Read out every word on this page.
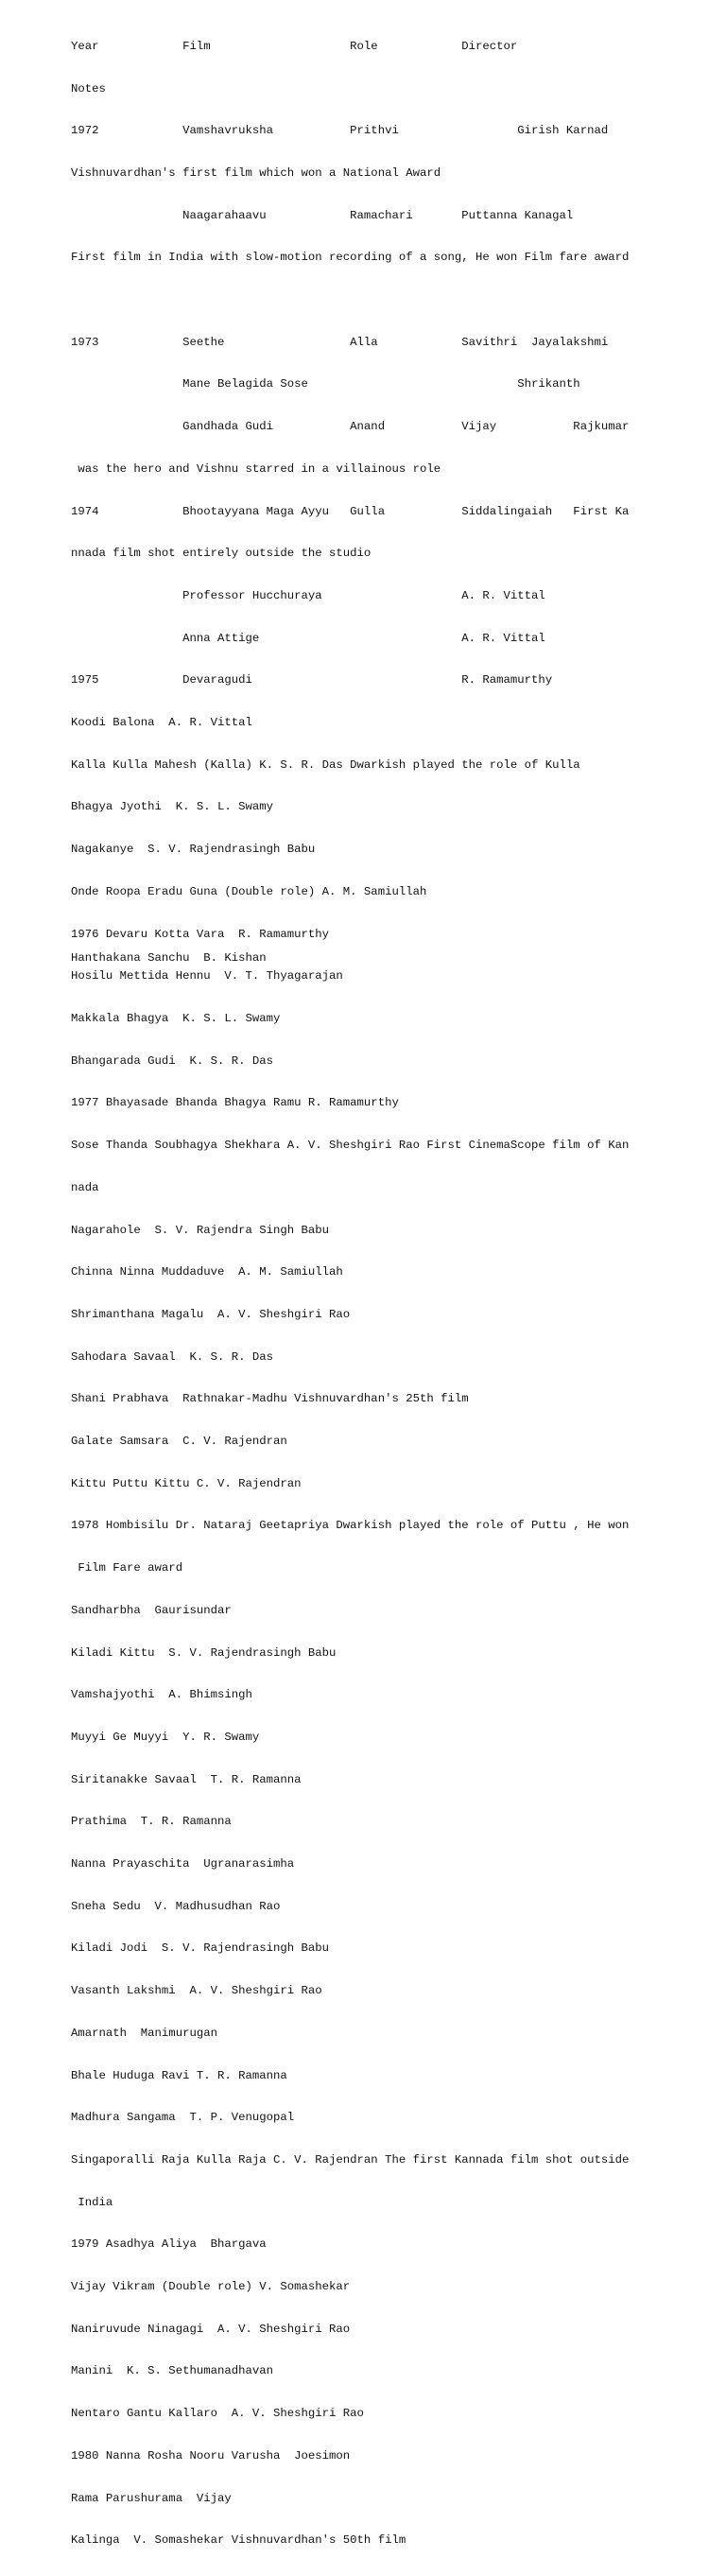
Year            Film                    Role            Director

Notes

1972            Vamshavruksha           Prithvi                 Girish Karnad

Vishnuvardhan's first film which won a National Award

Naagarahaavu            Ramachari       Puttanna Kanagal

First film in India with slow-motion recording of a song, He won Film fare award

1973            Seethe                  Alla            Savithri  Jayalakshmi

Mane Belagida Sose                              Shrikanth

Gandhada Gudi           Anand           Vijay           Rajkumar

was the hero and Vishnu starred in a villainous role

1974            Bhootayyana Maga Ayyu   Gulla           Siddalingaiah   First Ka

nnada film shot entirely outside the studio

Professor Hucchuraya                    A. R. Vittal

Anna Attige                             A. R. Vittal

1975            Devaragudi                              R. Ramamurthy

Koodi Balona  A. R. Vittal

Kalla Kulla Mahesh (Kalla) K. S. R. Das Dwarkish played the role of Kulla

Bhagya Jyothi  K. S. L. Swamy

Nagakanye  S. V. Rajendrasingh Babu

Onde Roopa Eradu Guna (Double role) A. M. Samiullah

1976 Devaru Kotta Vara  R. Ramamurthy

Hosilu Mettida Hennu  V. T. Thyagarajan

Makkala Bhagya  K. S. L. Swamy

Bhangarada Gudi  K. S. R. Das

1977 Bhayasade Bhanda Bhagya Ramu R. Ramamurthy

Sose Thanda Soubhagya Shekhara A. V. Sheshgiri Rao First CinemaScope film of Kan

nada

Nagarahole  S. V. Rajendra Singh Babu

Chinna Ninna Muddaduve  A. M. Samiullah

Shrimanthana Magalu  A. V. Sheshgiri Rao

Sahodara Savaal  K. S. R. Das

Shani Prabhava  Rathnakar-Madhu Vishnuvardhan's 25th film

Galate Samsara  C. V. Rajendran

Kittu Puttu Kittu C. V. Rajendran

1978 Hombisilu Dr. Nataraj Geetapriya Dwarkish played the role of Puttu , He won

Film Fare award

Sandharbha  Gaurisundar

Kiladi Kittu  S. V. Rajendrasingh Babu

Vamshajyothi  A. Bhimsingh

Muyyi Ge Muyyi  Y. R. Swamy

Siritanakke Savaal  T. R. Ramanna

Prathima  T. R. Ramanna

Nanna Prayaschita  Ugranarasimha

Sneha Sedu  V. Madhusudhan Rao

Kiladi Jodi  S. V. Rajendrasingh Babu

Vasanth Lakshmi  A. V. Sheshgiri Rao

Amarnath  Manimurugan

Bhale Huduga Ravi T. R. Ramanna

Madhura Sangama  T. P. Venugopal

Singaporalli Raja Kulla Raja C. V. Rajendran The first Kannada film shot outside

India

1979 Asadhya Aliya  Bhargava

Vijay Vikram (Double role) V. Somashekar

Naniruvude Ninagagi  A. V. Sheshgiri Rao

Manini  K. S. Sethumanadhavan

Nentaro Gantu Kallaro  A. V. Sheshgiri Rao

1980 Nanna Rosha Nooru Varusha  Joesimon

Rama Parushurama  Vijay

Kalinga  V. Somashekar Vishnuvardhan's 50th film

Hanthakana Sanchu  B. Kishan
